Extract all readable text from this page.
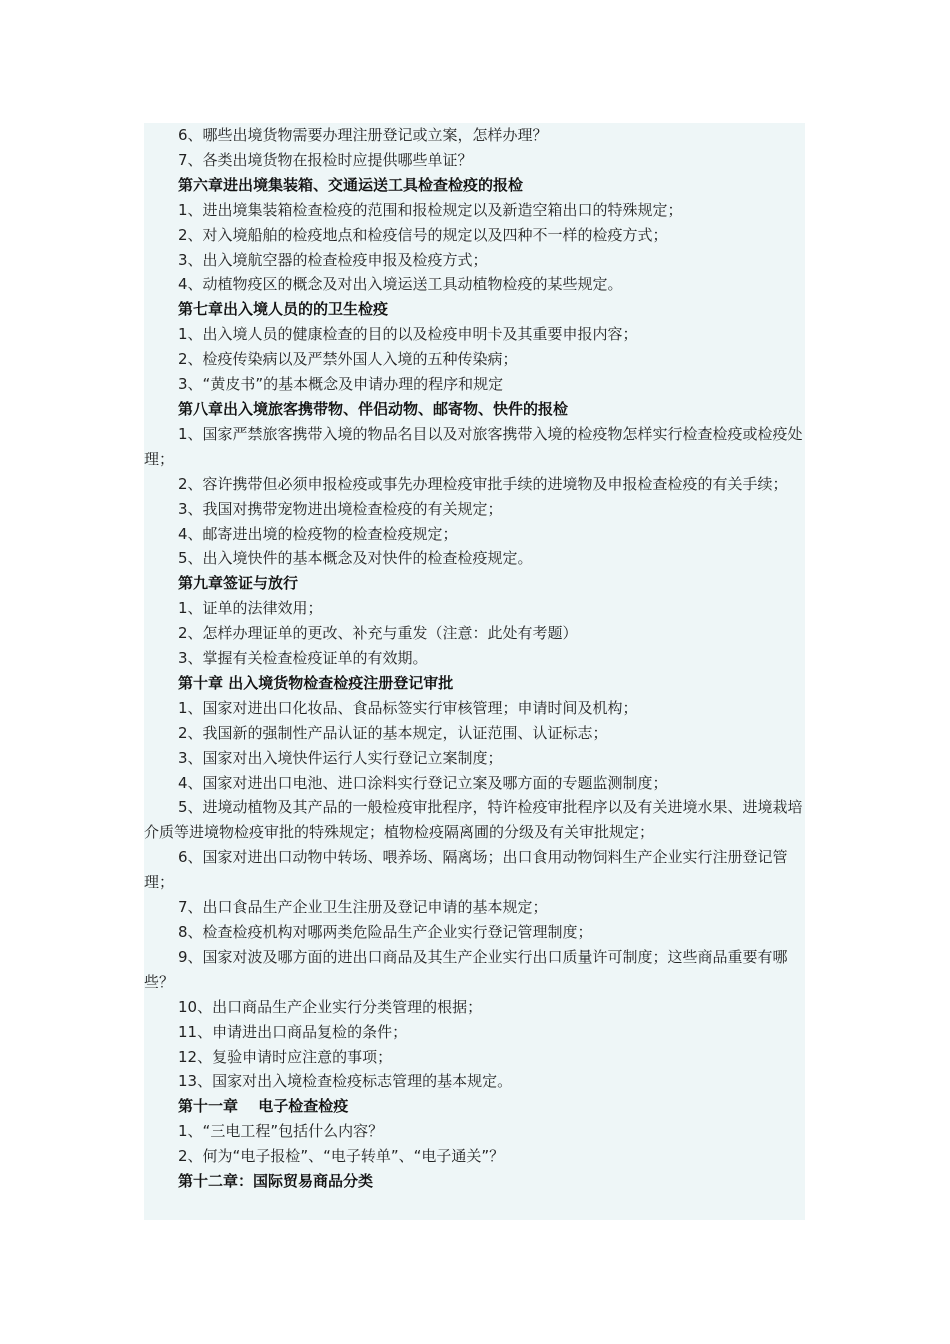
6、哪些出境货物需要办理注册登记或立案，怎样办理？

7、各类出境货物在报检时应提供哪些单证？

第六章进出境集装箱、交通运送工具检查检疫的报检

1、进出境集装箱检查检疫的范围和报检规定以及新造空箱出口的特殊规定；

2、对入境船舶的检疫地点和检疫信号的规定以及四种不一样的检疫方式；

3、出入境航空器的检查检疫申报及检疫方式；

4、动植物疫区的概念及对出入境运送工具动植物检疫的某些规定。

第七章出入境人员的的卫生检疫

1、出入境人员的健康检查的目的以及检疫申明卡及其重要申报内容；

2、检疫传染病以及严禁外国人入境的五种传染病；

3、“黄皮书”的基本概念及申请办理的程序和规定

第八章出入境旅客携带物、伴侣动物、邮寄物、快件的报检

1、国家严禁旅客携带入境的物品名目以及对旅客携带入境的检疫物怎样实行检查检疫或检疫处理；

2、容许携带但必须申报检疫或事先办理检疫审批手续的进境物及申报检查检疫的有关手续；

3、我国对携带宠物进出境检查检疫的有关规定；

4、邮寄进出境的检疫物的检查检疫规定；

5、出入境快件的基本概念及对快件的检查检疫规定。

第九章签证与放行

1、证单的法律效用；

2、怎样办理证单的更改、补充与重发（注意：此处有考题）

3、掌握有关检查检疫证单的有效期。

第十章 出入境货物检查检疫注册登记审批

1、国家对进出口化妆品、食品标签实行审核管理；申请时间及机构；

2、我国新的强制性产品认证的基本规定，认证范围、认证标志；

3、国家对出入境快件运行人实行登记立案制度；

4、国家对进出口电池、进口涂料实行登记立案及哪方面的专题监测制度；

5、进境动植物及其产品的一般检疫审批程序，特许检疫审批程序以及有关进境水果、进境栽培介质等进境物检疫审批的特殊规定；植物检疫隔离圃的分级及有关审批规定；

6、国家对进出口动物中转场、喂养场、隔离场；出口食用动物饲料生产企业实行注册登记管理；

7、出口食品生产企业卫生注册及登记申请的基本规定；

8、检查检疫机构对哪两类危险品生产企业实行登记管理制度；

9、国家对波及哪方面的进出口商品及其生产企业实行出口质量许可制度；这些商品重要有哪些？

10、出口商品生产企业实行分类管理的根据；

11、申请进出口商品复检的条件；

12、复验申请时应注意的事项；

13、国家对出入境检查检疫标志管理的基本规定。

第十一章　 电子检查检疫

1、“三电工程”包括什么内容？

2、何为“电子报检”、“电子转单”、“电子通关”？

第十二章：国际贸易商品分类
